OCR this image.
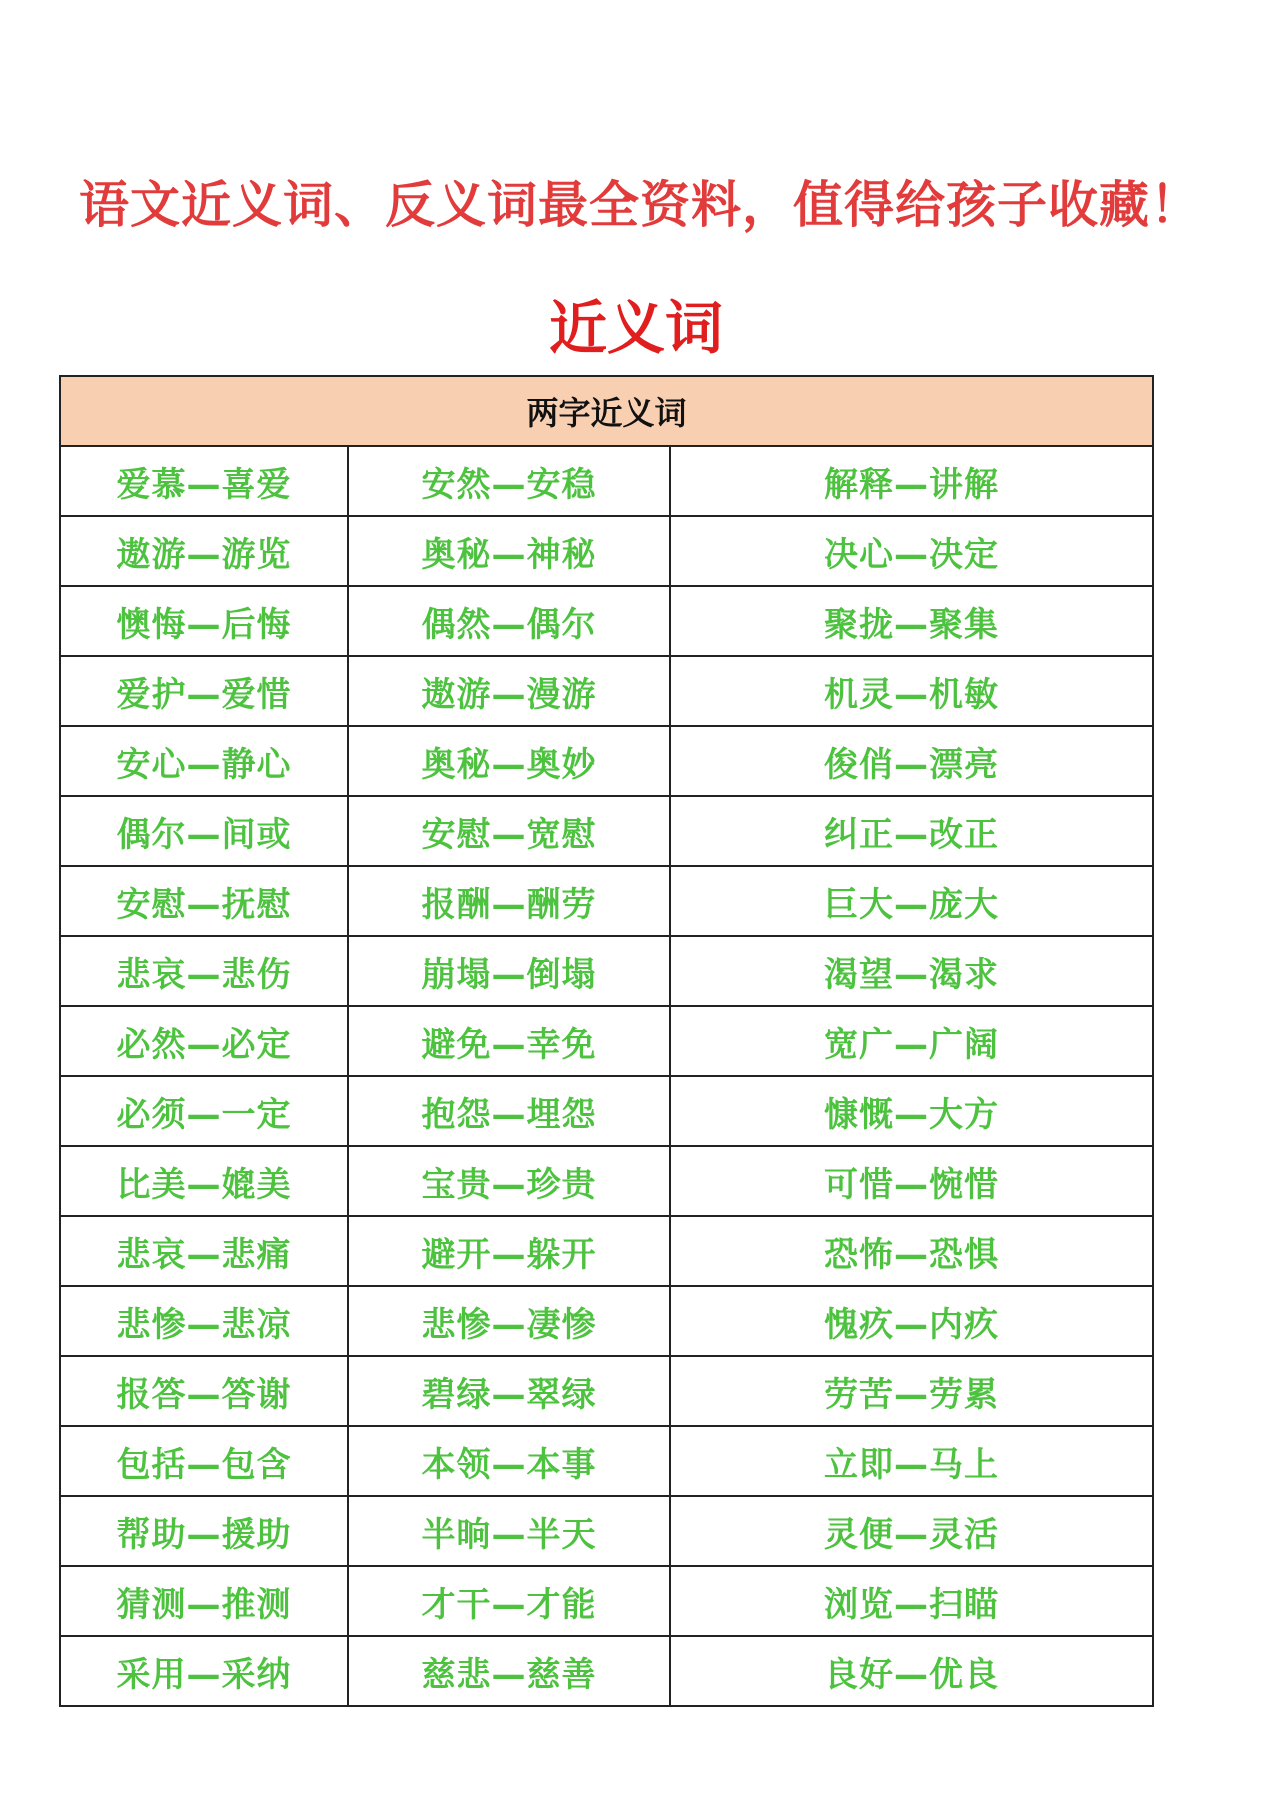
语文近义词、反义词最全资料，值得给孩子收藏！
近义词
两字近义词		
爱慕—喜爱	安然—安稳	解释—讲解
遨游—游览	奥秘—神秘	决心—决定
懊悔—后悔	偶然—偶尔	聚拢—聚集
爱护—爱惜	遨游—漫游	机灵—机敏
安心—静心	奥秘—奥妙	俊俏—漂亮
偶尔—间或	安慰—宽慰	纠正—改正
安慰—抚慰	报酬—酬劳	巨大—庞大
悲哀—悲伤	崩塌—倒塌	渴望—渴求
必然—必定	避免—幸免	宽广—广阔
必须—一定	抱怨—埋怨	慷慨—大方
比美—媲美	宝贵—珍贵	可惜—惋惜
悲哀—悲痛	避开—躲开	恐怖—恐惧
悲惨—悲凉	悲惨—凄惨	愧疚—内疚
报答—答谢	碧绿—翠绿	劳苦—劳累
包括—包含	本领—本事	立即—马上
帮助—援助	半晌—半天	灵便—灵活
猜测—推测	才干—才能	浏览—扫瞄
采用—采纳	慈悲—慈善	良好—优良
